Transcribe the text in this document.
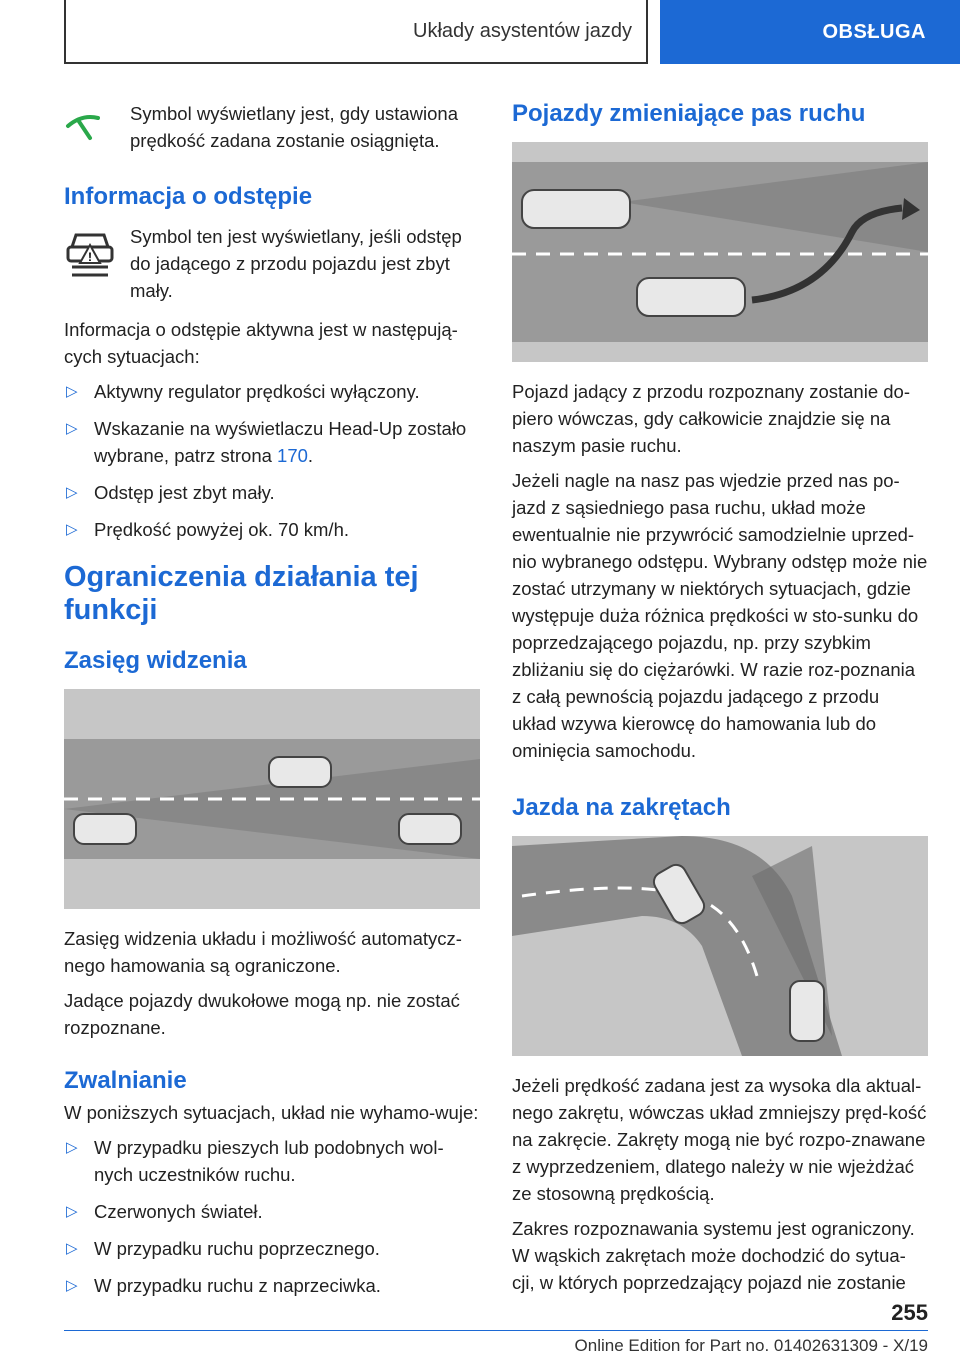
Układy asystentów jazdy	OBSŁUGA

Symbol wyświetlany jest, gdy ustawiona prędkość zadana zostanie osiągnięta.

Informacja o odstępie
!

Symbol ten jest wyświetlany, jeśli odstęp do jadącego z przodu pojazdu jest zbyt mały.

Informacja o odstępie aktywna jest w następują-cych sytuacjach:

▷ Aktywny regulator prędkości wyłączony.
▷ Wskazanie na wyświetlaczu Head-Up zostało wybrane, patrz strona 170.
▷ Odstęp jest zbyt mały.
▷ Prędkość powyżej ok. 70 km/h.
Ograniczenia działania tej funkcji
Zasięg widzenia

Zasięg widzenia układu i możliwość automatycz-nego hamowania są ograniczone.

Jadące pojazdy dwukołowe mogą np. nie zostać rozpoznane.

Zwalnianie

W poniższych sytuacjach, układ nie wyhamo-wuje:

▷ W przypadku pieszych lub podobnych wol-nych uczestników ruchu.
▷ Czerwonych świateł.
▷ W przypadku ruchu poprzecznego.
▷ W przypadku ruchu z naprzeciwka.
Pojazdy zmieniające pas ruchu

Pojazd jadący z przodu rozpoznany zostanie do-piero wówczas, gdy całkowicie znajdzie się na naszym pasie ruchu.

Jeżeli nagle na nasz pas wjedzie przed nas po-jazd z sąsiedniego pasa ruchu, układ może ewentualnie nie przywrócić samodzielnie uprzed-nio wybranego odstępu. Wybrany odstęp może nie zostać utrzymany w niektórych sytuacjach, gdzie występuje duża różnica prędkości w sto-sunku do poprzedzającego pojazdu, np. przy szybkim zbliżaniu się do ciężarówki. W razie roz-poznania z całą pewnością pojazdu jadącego z przodu układ wzywa kierowcę do hamowania lub do ominięcia samochodu.

Jazda na zakrętach

Jeżeli prędkość zadana jest za wysoka dla aktual-nego zakrętu, wówczas układ zmniejszy pręd-kość na zakręcie. Zakręty mogą nie być rozpo-znawane z wyprzedzeniem, dlatego należy w nie wjeżdżać ze stosowną prędkością.

Zakres rozpoznawania systemu jest ograniczony. W wąskich zakrętach może dochodzić do sytua-cji, w których poprzedzający pojazd nie zostanie

255
Online Edition for Part no. 01402631309 - X/19
